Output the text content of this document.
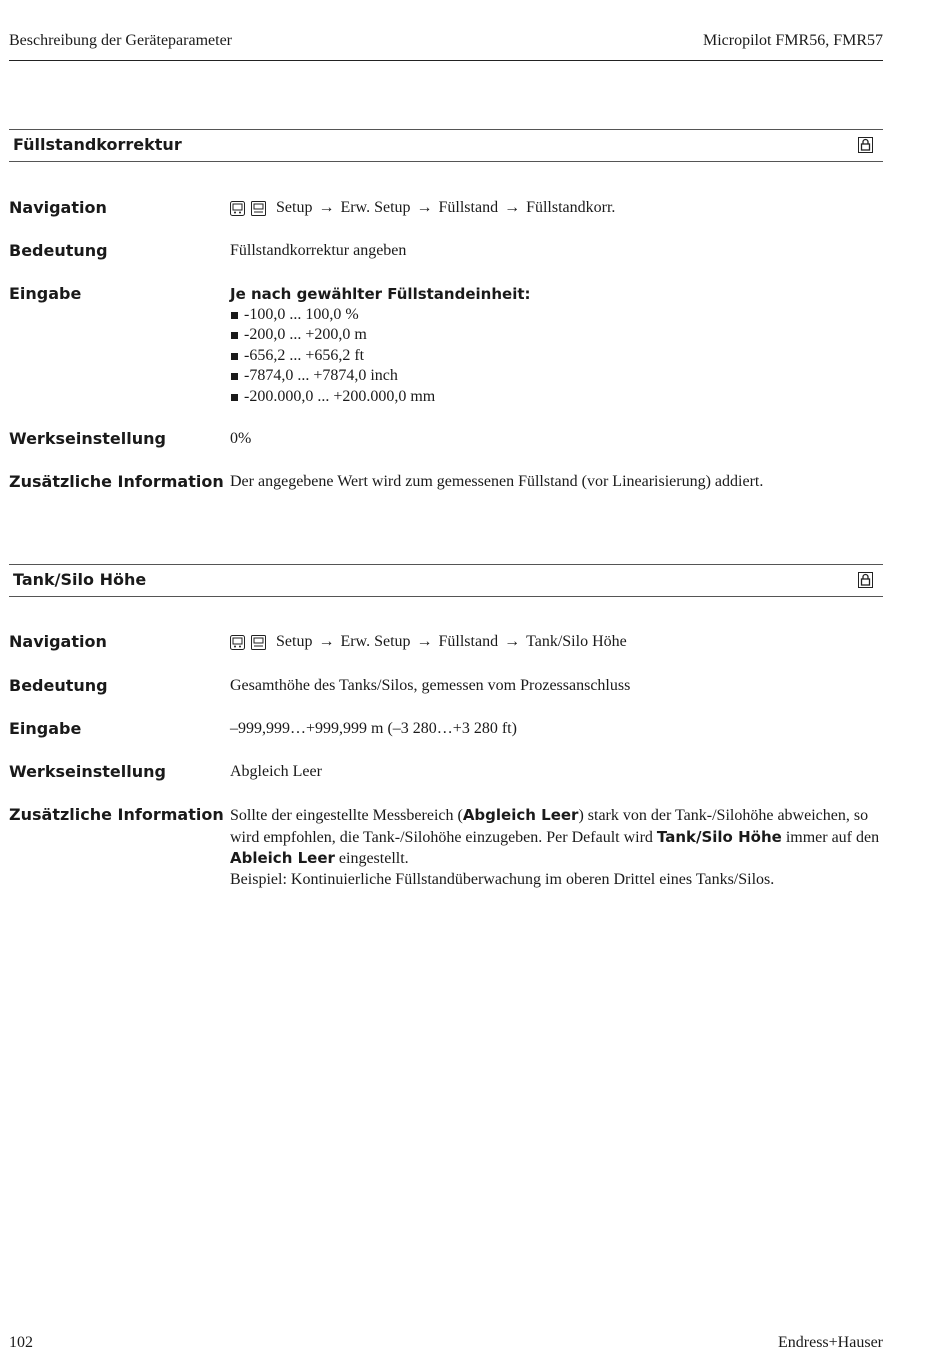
Beschreibung der Geräteparameter	Micropilot FMR56, FMR57
Füllstandkorrektur
Navigation	Setup → Erw. Setup → Füllstand → Füllstandkorr.
Bedeutung	Füllstandkorrektur angeben
Eingabe	Je nach gewählter Füllstandeinheit:
-100,0 ... 100,0 %
-200,0 ... +200,0 m
-656,2 ... +656,2 ft
-7874,0 ... +7874,0 inch
-200.000,0 ... +200.000,0 mm
Werkseinstellung	0%
Zusätzliche Information Der angegebene Wert wird zum gemessenen Füllstand (vor Linearisierung) addiert.
Tank/Silo Höhe
Navigation	Setup → Erw. Setup → Füllstand → Tank/Silo Höhe
Bedeutung	Gesamthöhe des Tanks/Silos, gemessen vom Prozessanschluss
Eingabe	–999,999…+999,999 m (–3 280…+3 280 ft)
Werkseinstellung	Abgleich Leer
Zusätzliche Information Sollte der eingestellte Messbereich (Abgleich Leer) stark von der Tank-/Silohöhe abweichen, so wird empfohlen, die Tank-/Silohöhe einzugeben. Per Default wird Tank/Silo Höhe immer auf den Ableich Leer eingestellt.
Beispiel: Kontinuierliche Füllstandüberwachung im oberen Drittel eines Tanks/Silos.
102	Endress+Hauser
